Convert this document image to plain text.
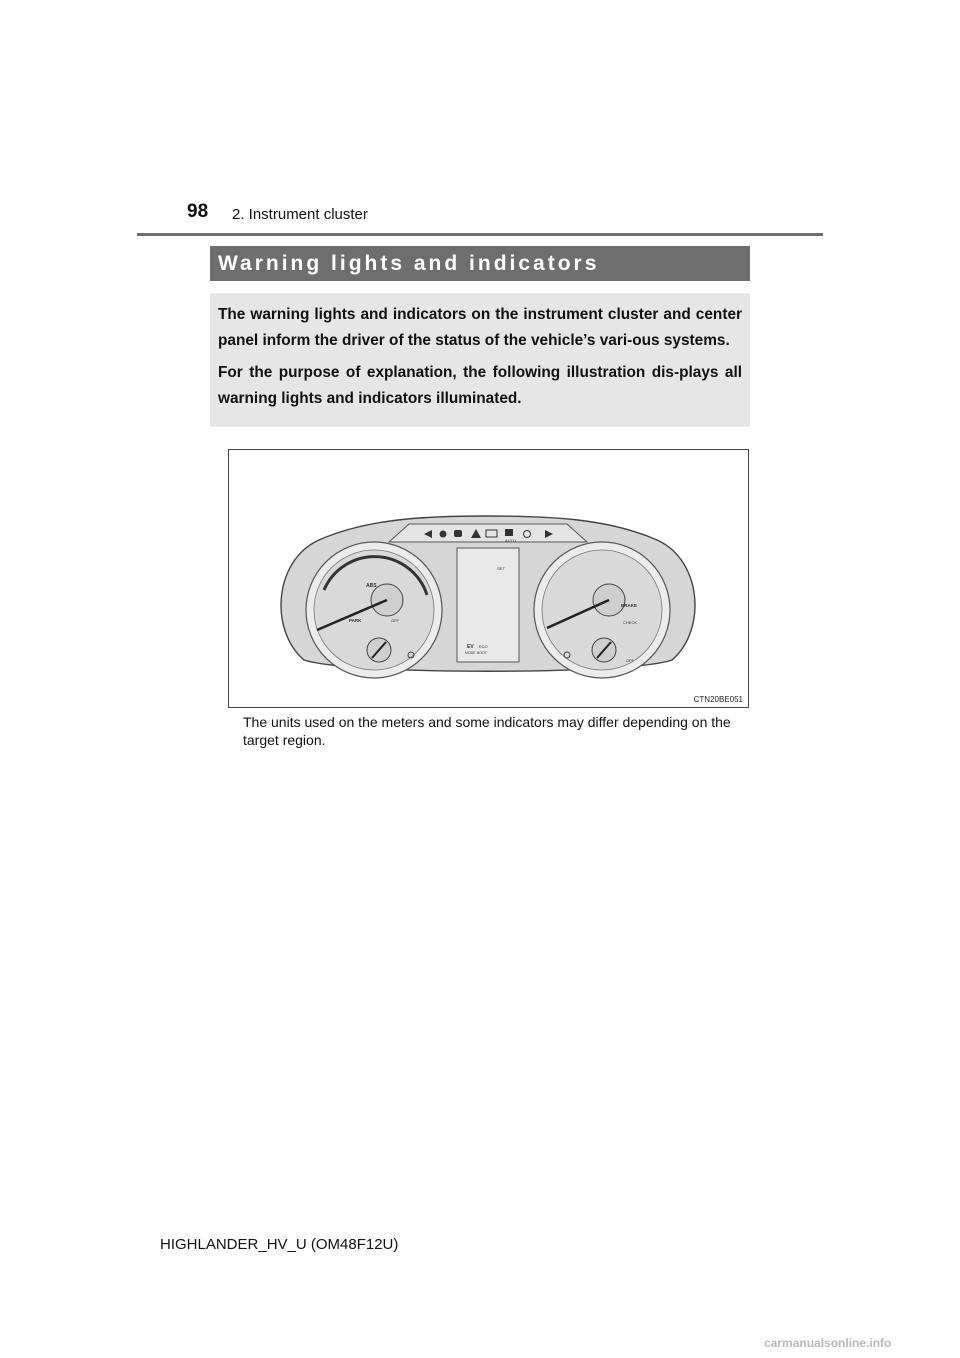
98 2. Instrument cluster
Warning lights and indicators

The warning lights and indicators on the instrument cluster and center panel inform the driver of the status of the vehicle’s vari-ous systems.

For the purpose of explanation, the following illustration dis-plays all warning lights and indicators illuminated.

AUTO
SET
EV
MODE
ECO
BOOT
ABS
PARK	OFF
BRAKE
CHECK
OFF
CTN20BE051
The units used on the meters and some indicators may differ depending on the target region.
HIGHLANDER_HV_U (OM48F12U)
carmanualsonline.info
